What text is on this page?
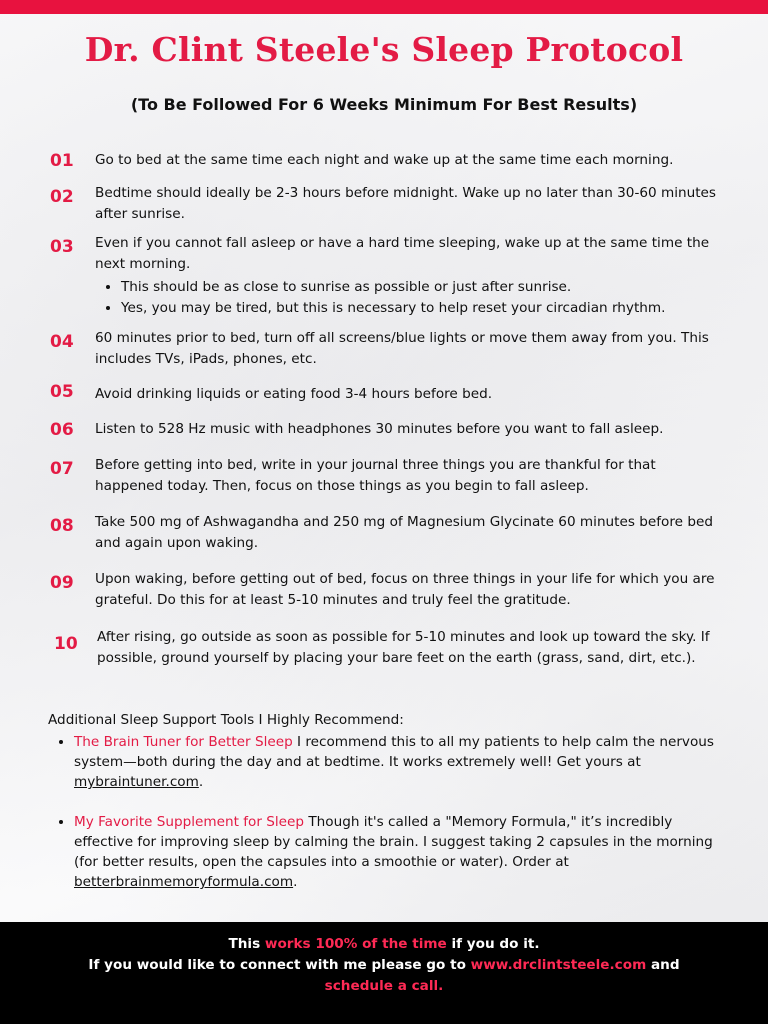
Dr. Clint Steele's Sleep Protocol

(To Be Followed For 6 Weeks Minimum For Best Results)

01 Go to bed at the same time each night and wake up at the same time each morning.
02 Bedtime should ideally be 2-3 hours before midnight. Wake up no later than 30-60 minutes after sunrise.
03 Even if you cannot fall asleep or have a hard time sleeping, wake up at the same time the next morning.
• This should be as close to sunrise as possible or just after sunrise.
• Yes, you may be tired, but this is necessary to help reset your circadian rhythm.
04 60 minutes prior to bed, turn off all screens/blue lights or move them away from you. This includes TVs, iPads, phones, etc.
05 Avoid drinking liquids or eating food 3-4 hours before bed.
06 Listen to 528 Hz music with headphones 30 minutes before you want to fall asleep.
07 Before getting into bed, write in your journal three things you are thankful for that happened today. Then, focus on those things as you begin to fall asleep.
08 Take 500 mg of Ashwagandha and 250 mg of Magnesium Glycinate 60 minutes before bed and again upon waking.
09 Upon waking, before getting out of bed, focus on three things in your life for which you are grateful. Do this for at least 5-10 minutes and truly feel the gratitude.
10 After rising, go outside as soon as possible for 5-10 minutes and look up toward the sky. If possible, ground yourself by placing your bare feet on the earth (grass, sand, dirt, etc.).
Additional Sleep Support Tools I Highly Recommend:
• The Brain Tuner for Better Sleep I recommend this to all my patients to help calm the nervous system—both during the day and at bedtime. It works extremely well! Get yours at mybraintuner.com.
• My Favorite Supplement for Sleep Though it's called a "Memory Formula," it’s incredibly effective for improving sleep by calming the brain. I suggest taking 2 capsules in the morning (for better results, open the capsules into a smoothie or water). Order at betterbrainmemoryformula.com.
This works 100% of the time if you do it.
If you would like to connect with me please go to www.drclintsteele.com and
schedule a call.
